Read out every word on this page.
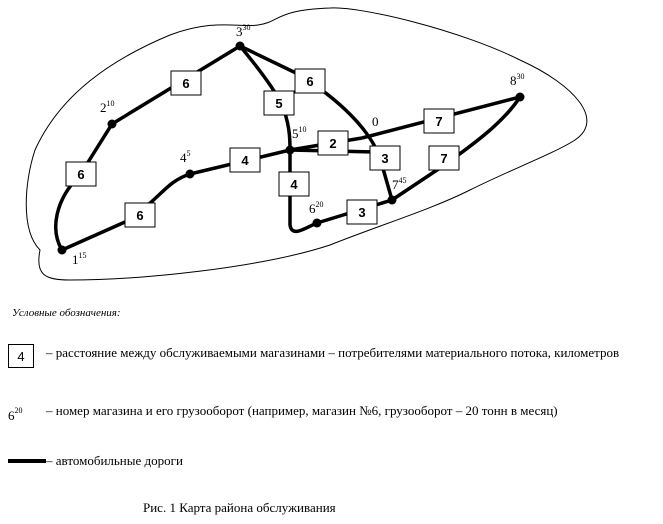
$1^{15}$
$2^{10}$
$3^{30}$
$4^5$
$5^{10}$
$6^{20}$
$7^{45}$
$8^{30}$
0
6
6
5
6
6
4
2
7
4
3
7
3
Условные обозначения:
4	– расстояние между обслуживаемыми магазинами – потребителями материального потока, километров
$6^{20}$ – номер магазина и его грузооборот (например, магазин №6, грузооборот – 20 тонн в месяц)
– автомобильные дороги
Рис. 1 Карта района обслуживания
